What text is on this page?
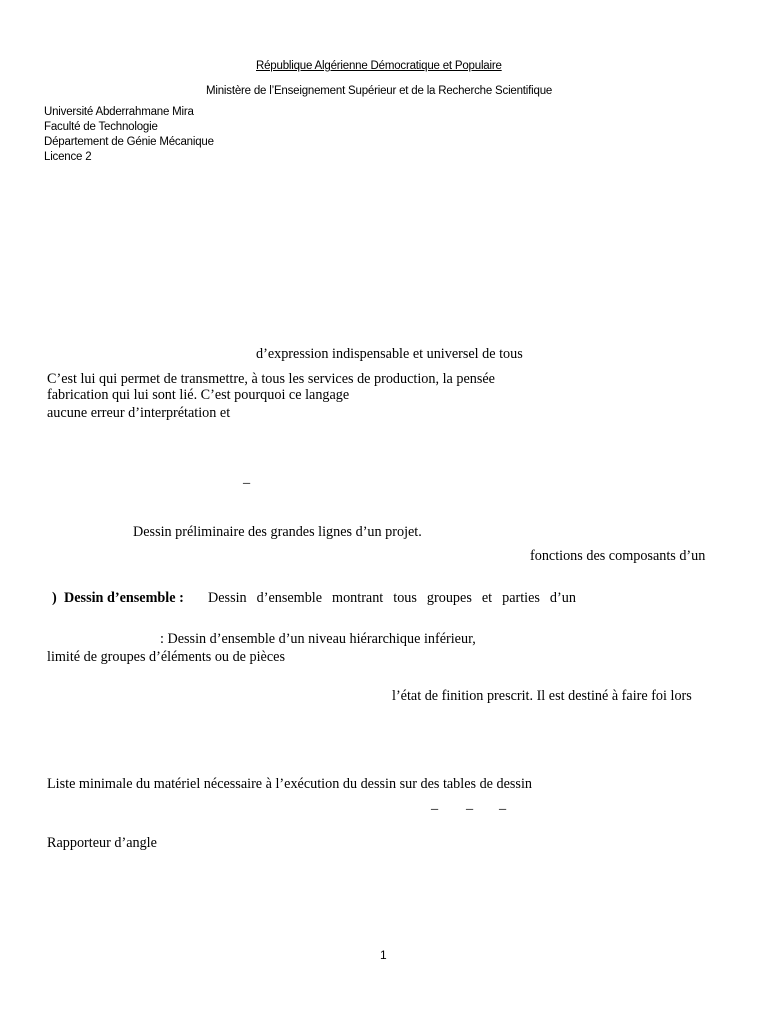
République Algérienne Démocratique et Populaire
Ministère de l’Enseignement Supérieur et de la Recherche Scientifique
Université Abderrahmane Mira
Faculté de Technologie
Département de Génie Mécanique
Licence 2
d’expression indispensable et universel de tous
C’est lui qui permet de transmettre, à tous les services de production, la pensée
fabrication qui lui sont lié. C’est pourquoi ce langage
aucune erreur d’interprétation et
–
Dessin préliminaire des grandes lignes d’un projet.
fonctions des composants d’un
) Dessin d’ensemble : Dessin d’ensemble montrant tous groupes et parties d’un
: Dessin d’ensemble d’un niveau hiérarchique inférieur,
limité de groupes d’éléments ou de pièces
l’état de finition prescrit. Il est destiné à faire foi lors
Liste minimale du matériel nécessaire à l’exécution du dessin sur des tables de dessin
– – –
Rapporteur d’angle
1
